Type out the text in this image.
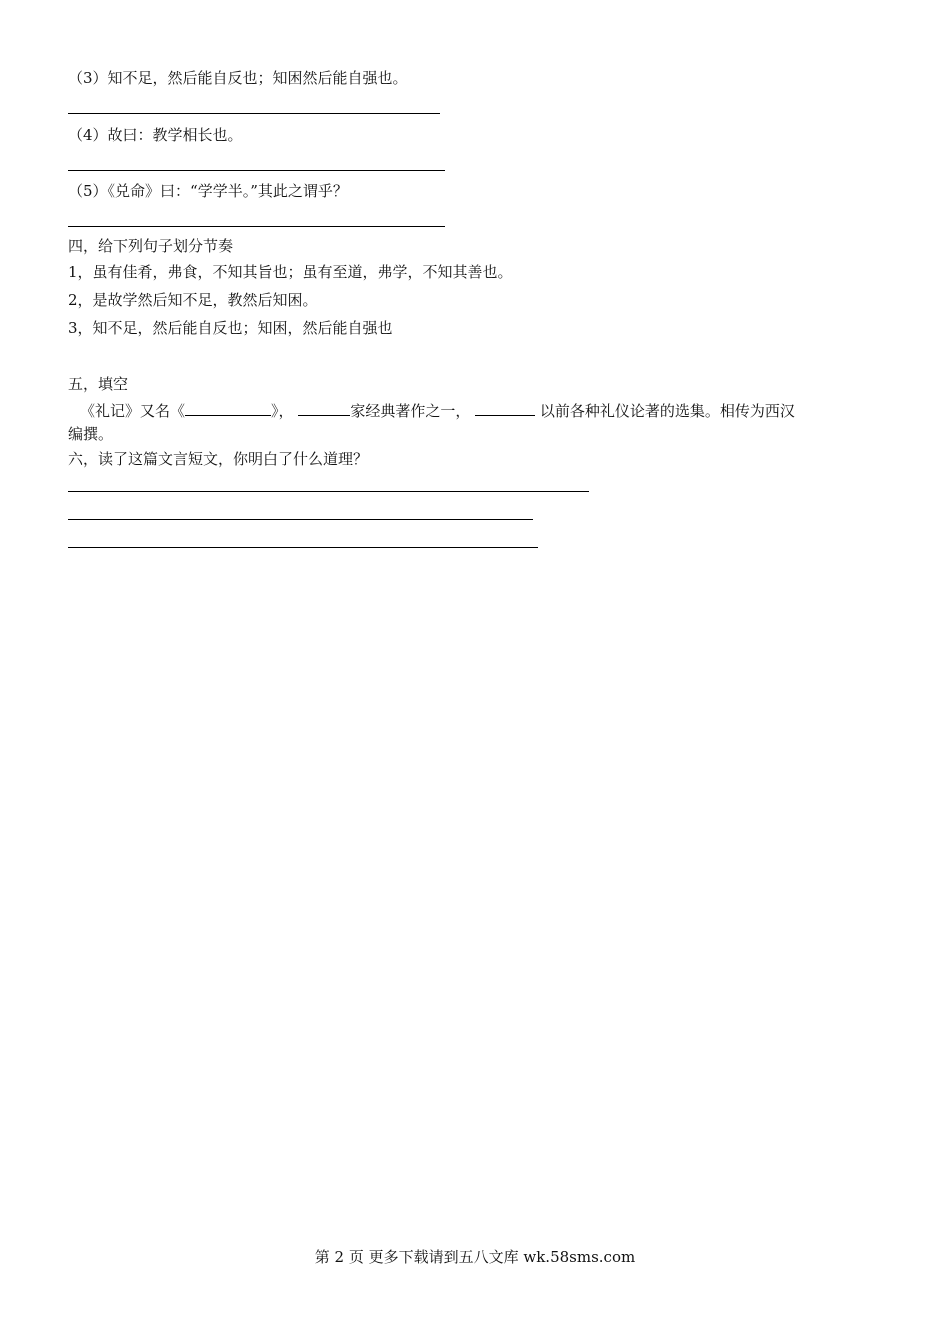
（3）知不足，然后能自反也；知困然后能自强也。
（4）故曰：教学相长也。
（5）《兑命》曰：“学学半。”其此之谓乎？
四，给下列句子划分节奏
1，虽有佳肴，弗食，不知其旨也；虽有至道，弗学，不知其善也。
2，是故学然后知不足，教然后知困。
3，知不足，然后能自反也；知困，然后能自强也
五，填空
《礼记》又名《	》，	家经典著作之一，	以前各种礼仪论著的选集。相传为西汉
编撰。
六，读了这篇文言短文，你明白了什么道理？
第 2 页 更多下载请到五八文库 wk.58sms.com
